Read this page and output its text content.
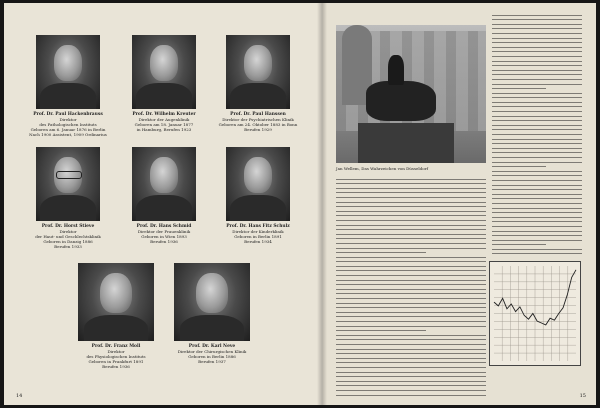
Prof. Dr. Paul Hackenbrauss
Direktor
des Pathologischen Instituts
Geboren am 6. Januar 1876 in Berlin
Nach 1900 Assistent, 1909 Ordinarius
Prof. Dr. Wilhelm Kreuter
Direktor der Augenklinik
Geboren am 18. Januar 1877
in Hamburg, Berufen 1923
Prof. Dr. Paul Hanssen
Direktor der Psychiatrischen Klinik
Geboren am 24. Oktober 1883 in Bonn
Berufen 1929
Prof. Dr. Horst Stieve
Direktor
der Haut- und Geschlechtsklinik
Geboren in Danzig 1886
Berufen 1933
Prof. Dr. Hans Schmid
Direktor der Frauenklinik
Geboren in Wien 1893
Berufen 1936
Prof. Dr. Hans Fitz Schulz
Direktor der Kinderklinik
Geboren in Berlin 1891
Berufen 1934
Prof. Dr. Franz Moll
Direktor
des Physiologischen Instituts
Geboren in Frankfurt 1891
Berufen 1936
Prof. Dr. Karl Neve
Direktor der Chirurgischen Klinik
Geboren in Berlin 1886
Berufen 1937
14
Jan Wellem, Das Wahrzeichen von Düsseldorf
15
